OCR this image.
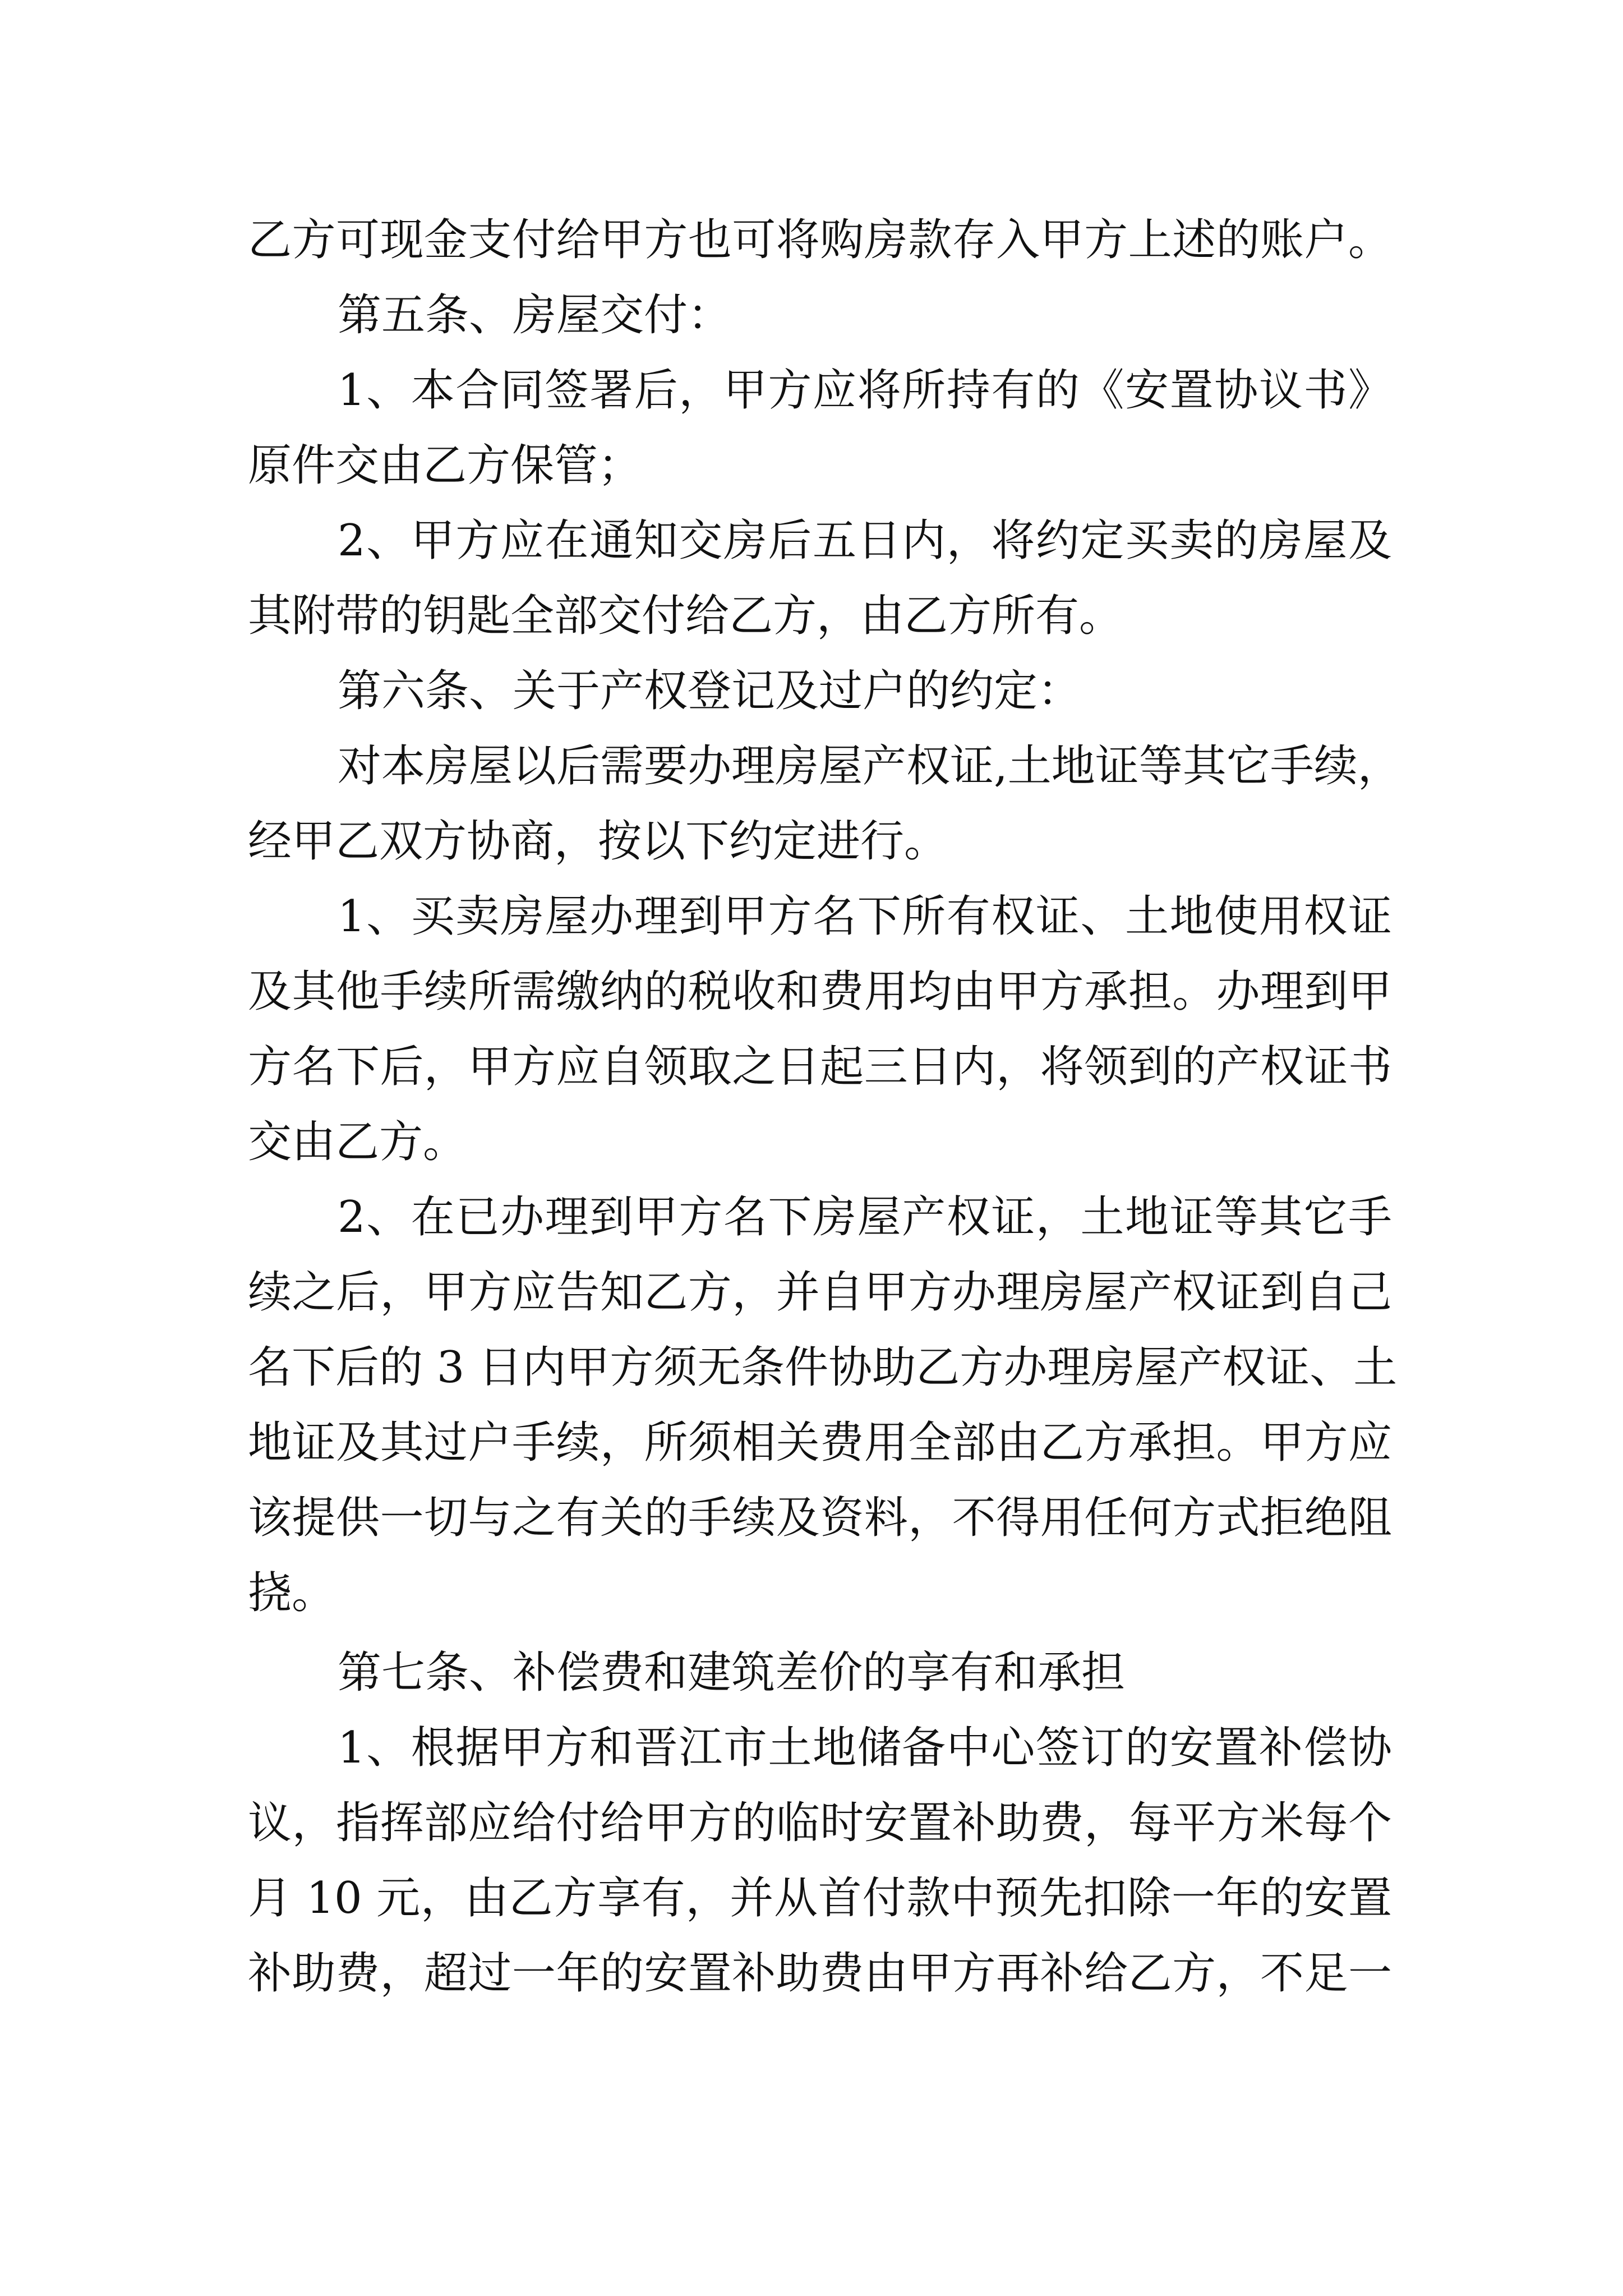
乙方可现金支付给甲方也可将购房款存入甲方上述的账户。
第五条、房屋交付：
1、本合同签署后，甲方应将所持有的《安置协议书》
原件交由乙方保管；
2、甲方应在通知交房后五日内，将约定买卖的房屋及
其附带的钥匙全部交付给乙方，由乙方所有。
第六条、关于产权登记及过户的约定：
对本房屋以后需要办理房屋产权证,土地证等其它手续，
经甲乙双方协商，按以下约定进行。
1、买卖房屋办理到甲方名下所有权证、土地使用权证
及其他手续所需缴纳的税收和费用均由甲方承担。办理到甲
方名下后，甲方应自领取之日起三日内，将领到的产权证书
交由乙方。
2、在已办理到甲方名下房屋产权证，土地证等其它手
续之后，甲方应告知乙方，并自甲方办理房屋产权证到自己
名下后的 3 日内甲方须无条件协助乙方办理房屋产权证、土
地证及其过户手续，所须相关费用全部由乙方承担。甲方应
该提供一切与之有关的手续及资料，不得用任何方式拒绝阻
挠。
第七条、补偿费和建筑差价的享有和承担
1、根据甲方和晋江市土地储备中心签订的安置补偿协
议，指挥部应给付给甲方的临时安置补助费，每平方米每个
月 10 元，由乙方享有，并从首付款中预先扣除一年的安置
补助费，超过一年的安置补助费由甲方再补给乙方，不足一
